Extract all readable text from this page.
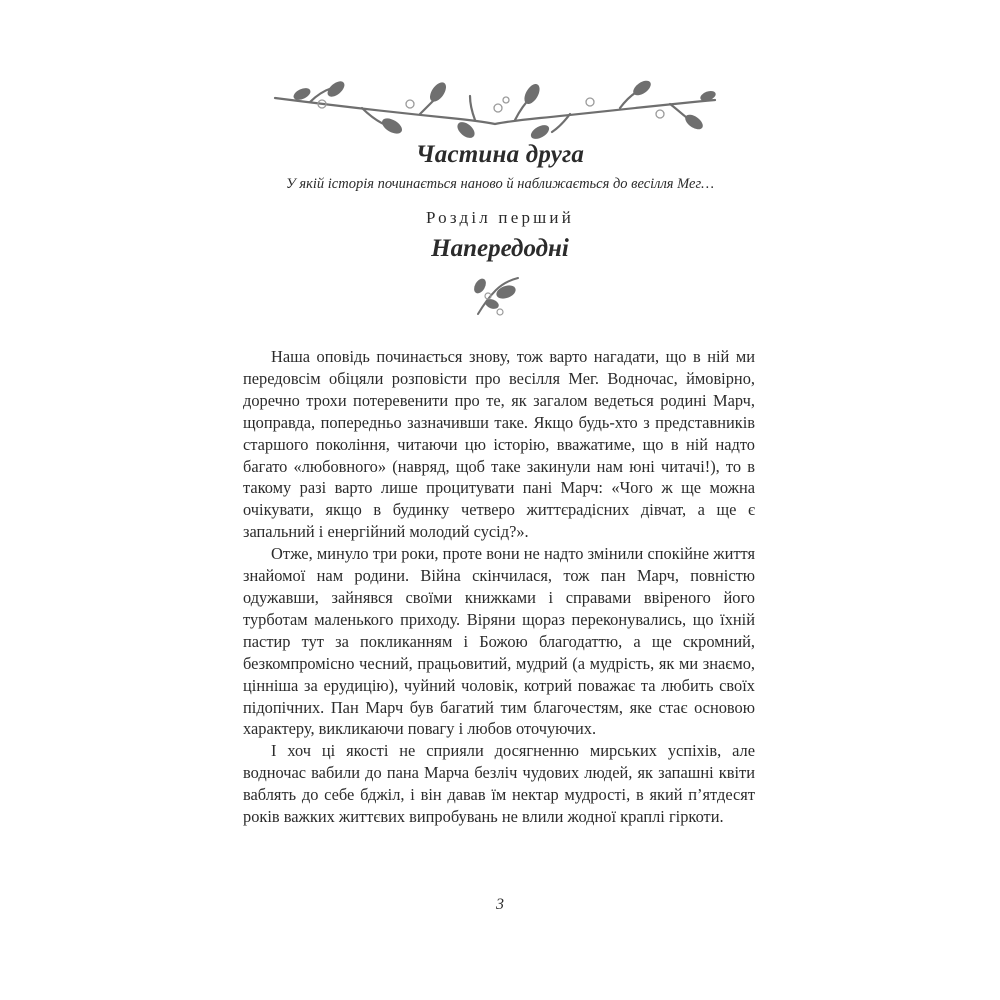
Частина друга
У якій історія починається наново й наближається до весілля Мег…
Розділ перший
Напередодні

Наша оповідь починається знову, тож варто нагадати, що в ній ми передовсім обіцяли розповісти про весілля Мег. Водночас, ймовірно, доречно трохи потеревенити про те, як загалом ведеться родині Марч, щоправда, попередньо зазначивши таке. Якщо будь-хто з представників старшого покоління, читаючи цю історію, вважатиме, що в ній надто багато «любовного» (навряд, щоб таке закинули нам юні читачі!), то в такому разі варто лише процитувати пані Марч: «Чого ж ще можна очікувати, якщо в будинку четверо життєрадісних дівчат, а ще є запальний і енергійний молодий сусід?».

Отже, минуло три роки, проте вони не надто змінили спокійне життя знайомої нам родини. Війна скінчилася, тож пан Марч, повністю одужавши, зайнявся своїми книжками і справами ввіреного його турботам маленького приходу. Віряни щораз переконувались, що їхній пастир тут за покликанням і Божою благодаттю, а ще скромний, безкомпромісно чесний, працьовитий, мудрий (а мудрість, як ми знаємо, цінніша за ерудицію), чуйний чоловік, котрий поважає та любить своїх підопічних. Пан Марч був багатий тим благочестям, яке стає основою характеру, викликаючи повагу і любов оточуючих.

І хоч ці якості не сприяли досягненню мирських успіхів, але водночас вабили до пана Марча безліч чудових людей, як запашні квіти ваблять до себе бджіл, і він давав їм нектар мудрості, в який п’ятдесят років важких життєвих випробувань не влили жодної краплі гіркоти.

3
